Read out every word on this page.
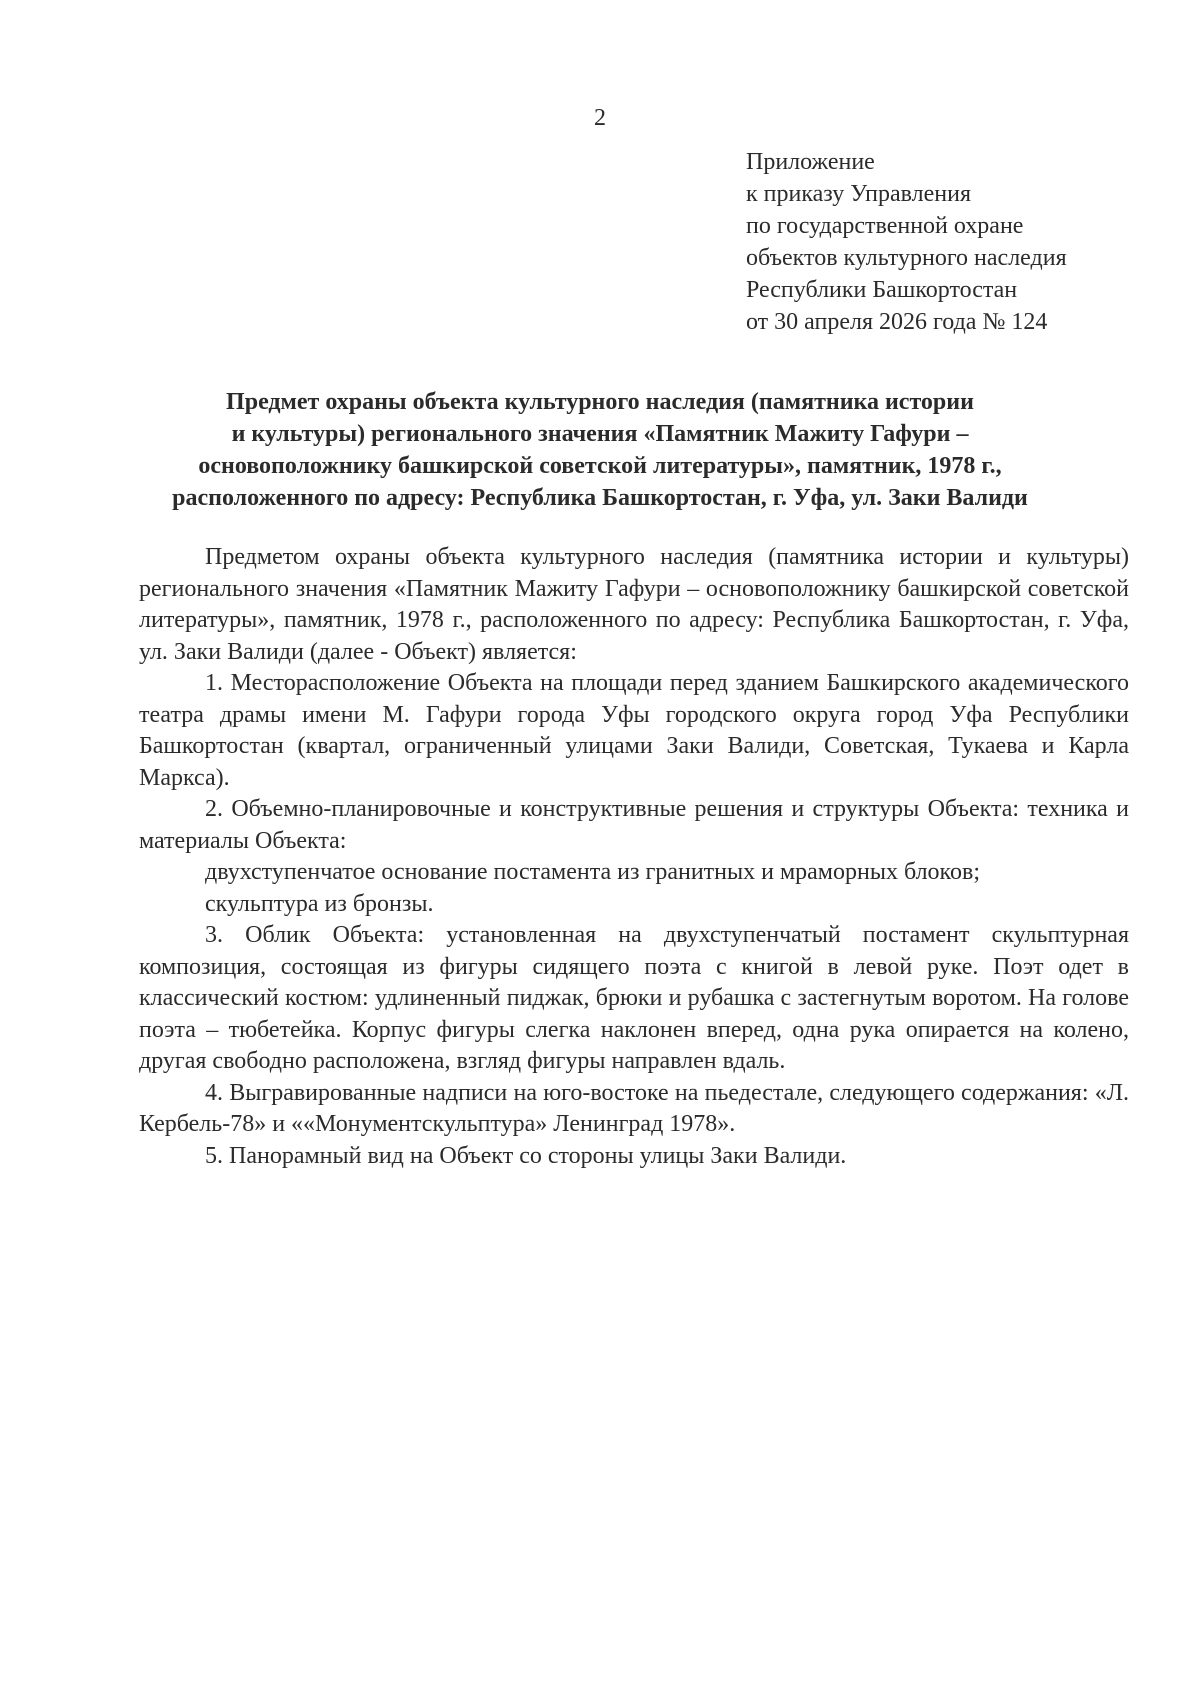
2
Приложение
к приказу Управления
по государственной охране
объектов культурного наследия
Республики Башкортостан
от 30 апреля 2026 года № 124
Предмет охраны объекта культурного наследия (памятника истории
и культуры) регионального значения «Памятник Мажиту Гафури –
основоположнику башкирской советской литературы», памятник, 1978 г.,
расположенного по адресу: Республика Башкортостан, г. Уфа, ул. Заки Валиди

Предметом охраны объекта культурного наследия (памятника истории и культуры) регионального значения «Памятник Мажиту Гафури – основоположнику башкирской советской литературы», памятник, 1978 г., расположенного по адресу: Республика Башкортостан, г. Уфа, ул. Заки Валиди (далее - Объект) является:

1. Месторасположение Объекта на площади перед зданием Башкирского академического театра драмы имени М. Гафури города Уфы городского округа город Уфа Республики Башкортостан (квартал, ограниченный улицами Заки Валиди, Советская, Тукаева и Карла Маркса).

2. Объемно-планировочные и конструктивные решения и структуры Объекта: техника и материалы Объекта:

двухступенчатое основание постамента из гранитных и мраморных блоков;

скульптура из бронзы.

3. Облик Объекта: установленная на двухступенчатый постамент скульптурная композиция, состоящая из фигуры сидящего поэта с книгой в левой руке. Поэт одет в классический костюм: удлиненный пиджак, брюки и рубашка с застегнутым воротом. На голове поэта – тюбетейка. Корпус фигуры слегка наклонен вперед, одна рука опирается на колено, другая свободно расположена, взгляд фигуры направлен вдаль.

4. Выгравированные надписи на юго-востоке на пьедестале, следующего содержания: «Л. Кербель-78» и ««Монументскульптура» Ленинград 1978».

5. Панорамный вид на Объект со стороны улицы Заки Валиди.
